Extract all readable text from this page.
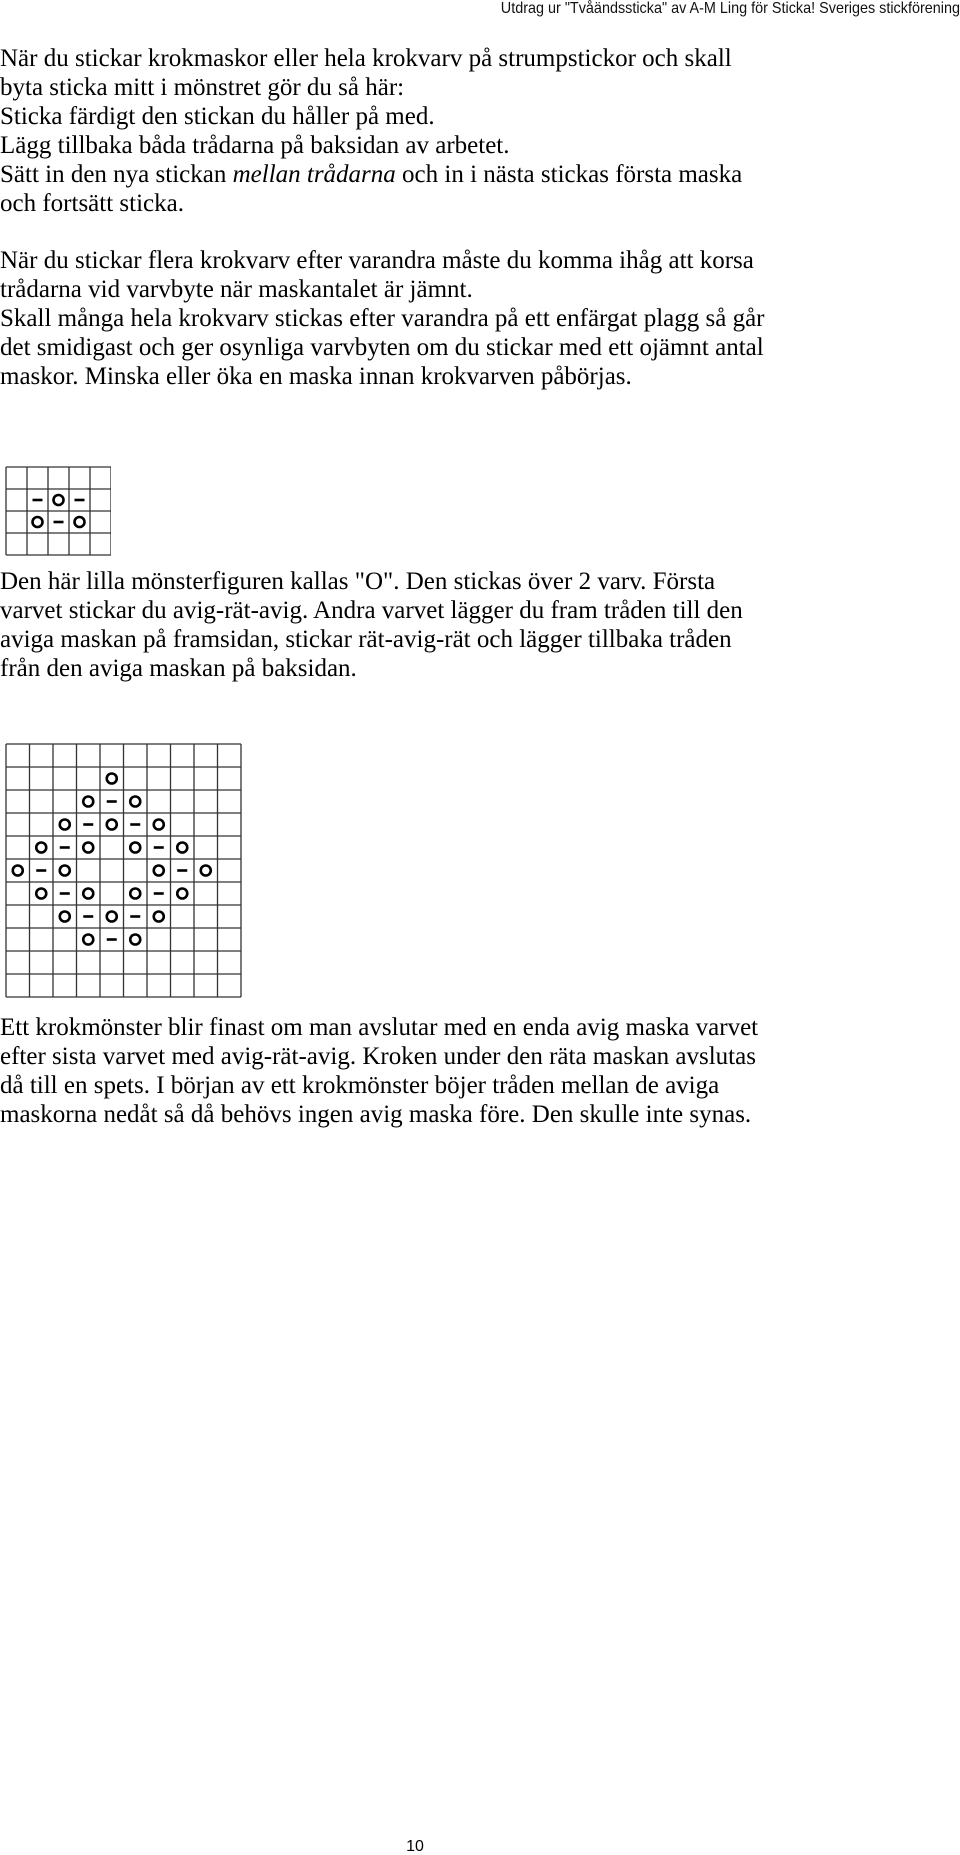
Utdrag ur "Tvåändssticka" av A-M Ling för Sticka! Sveriges stickförening
När du stickar krokmaskor eller hela krokvarv på strumpstickor och skall
byta sticka mitt i mönstret gör du så här:
Sticka färdigt den stickan du håller på med.
Lägg tillbaka båda trådarna på baksidan av arbetet.
Sätt in den nya stickan mellan trådarna och in i nästa stickas första maska
och fortsätt sticka.
När du stickar flera krokvarv efter varandra måste du komma ihåg att korsa
trådarna vid varvbyte när maskantalet är jämnt.
Skall många hela krokvarv stickas efter varandra på ett enfärgat plagg så går
det smidigast och ger osynliga varvbyten om du stickar med ett ojämnt antal
maskor. Minska eller öka en maska innan krokvarven påbörjas.
Den här lilla mönsterfiguren kallas "O". Den stickas över 2 varv. Första
varvet stickar du avig-rät-avig. Andra varvet lägger du fram tråden till den
aviga maskan på framsidan, stickar rät-avig-rät och lägger tillbaka tråden
från den aviga maskan på baksidan.
Ett krokmönster blir finast om man avslutar med en enda avig maska varvet
efter sista varvet med avig-rät-avig. Kroken under den räta maskan avslutas
då till en spets. I början av ett krokmönster böjer tråden mellan de aviga
maskorna nedåt så då behövs ingen avig maska före. Den skulle inte synas.
10
